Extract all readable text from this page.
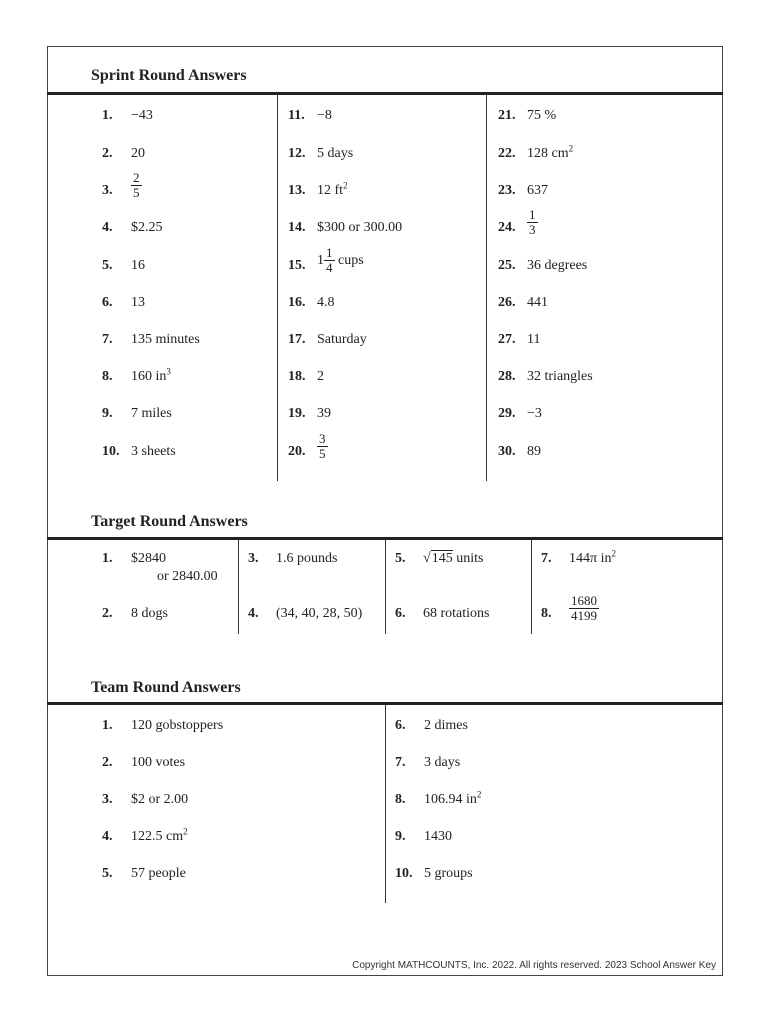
Sprint Round Answers
1. −43
2. 20
3. $\frac{2}{5}$
4. $2.25
5. 16
6. 13
7. 135 minutes
8. 160 $in^3$
9. 7 miles
10. 3 sheets
11. −8
12. 5 days
13. 12 $ft^2$
14. $300 or 300.00
15. $1 \frac{1}{4}$ cups
16. 4.8
17. Saturday
18. 2
19. 39
20. $\frac{3}{5}$
21. 75 %
22. 128 $cm^2$
23. 637
24. $\frac{1}{3}$
25. 36 degrees
26. 441
27. 11
28. 32 triangles
29. −3
30. 89
Target Round Answers
1. $2840
or 2840.00
2. 8 dogs
3. 1.6 pounds
4. (34, 40, 28, 50)
5. √145 units
6. 68 rotations
7. 144π $in^2$
8. $\frac{1680}{4199}$
Team Round Answers
1. 120 gobstoppers
2. 100 votes
3. $2 or 2.00
4. 122.5 $cm^2$
5. 57 people
6. 2 dimes
7. 3 days
8. 106.94 $in^2$
9. 1430
10. 5 groups
Copyright MATHCOUNTS, Inc. 2022. All rights reserved. 2023 School Answer Key
